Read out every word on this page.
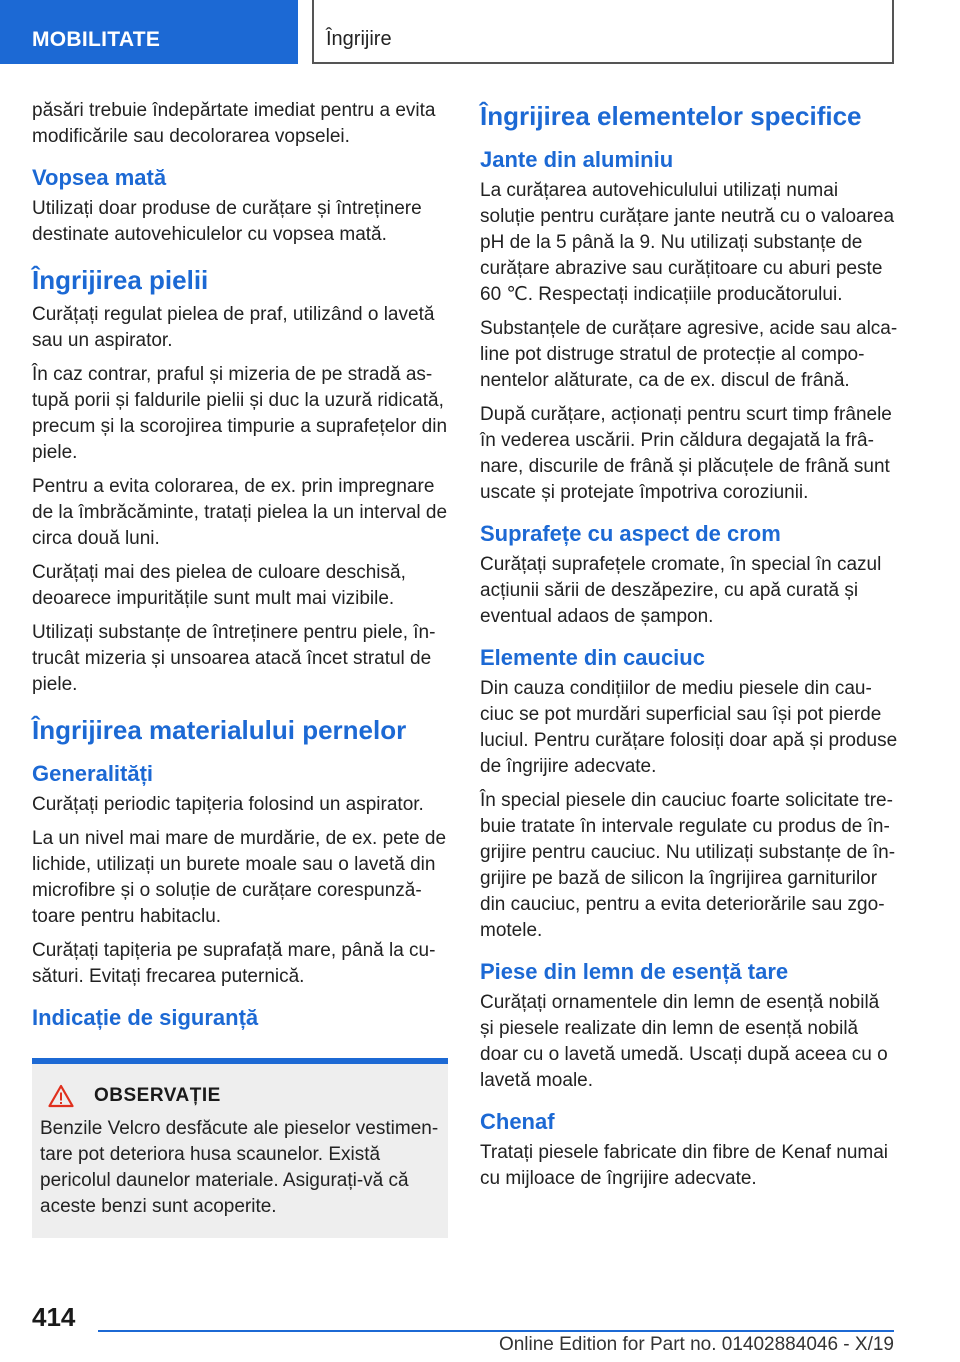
MOBILITATE	Îngrijire

păsări trebuie îndepărtate imediat pentru a evita modificările sau decolorarea vopselei.

Vopsea mată

Utilizați doar produse de curățare și întreținere destinate autovehiculelor cu vopsea mată.

Îngrijirea pielii

Curățați regulat pielea de praf, utilizând o lavetă sau un aspirator.

În caz contrar, praful și mizeria de pe stradă astupă porii și faldurile pielii și duc la uzură ridicată, precum și la scorojirea timpurie a suprafețelor din piele.

Pentru a evita colorarea, de ex. prin impregnare de la îmbrăcăminte, tratați pielea la un interval de circa două luni.

Curățați mai des pielea de culoare deschisă, deoarece impuritățile sunt mult mai vizibile.

Utilizați substanțe de întreținere pentru piele, întrucât mizeria și unsoarea atacă încet stratul de piele.

Îngrijirea materialului pernelor
Generalități

Curățați periodic tapițeria folosind un aspirator.

La un nivel mai mare de murdărie, de ex. pete de lichide, utilizați un burete moale sau o lavetă din microfibre și o soluție de curățare corespunzătoare pentru habitaclu.

Curățați tapițeria pe suprafață mare, până la cusături. Evitați frecarea puternică.

Indicație de siguranță
OBSERVAȚIE

Benzile Velcro desfăcute ale pieselor vestimentare pot deteriora husa scaunelor. Există pericolul daunelor materiale. Asigurați-vă că aceste benzi sunt acoperite.

Îngrijirea elementelor specifice
Jante din aluminiu

La curățarea autovehiculului utilizați numai soluție pentru curățare jante neutră cu o valoarea pH de la 5 până la 9. Nu utilizați substanțe de curățare abrazive sau curățitoare cu aburi peste 60 ℃. Respectați indicațiile producătorului.

Substanțele de curățare agresive, acide sau alcaline pot distruge stratul de protecție al componentelor alăturate, ca de ex. discul de frână.

După curățare, acționați pentru scurt timp frânele în vederea uscării. Prin căldura degajată la frânare, discurile de frână și plăcuțele de frână sunt uscate și protejate împotriva coroziunii.

Suprafețe cu aspect de crom

Curățați suprafețele cromate, în special în cazul acțiunii sării de deszăpezire, cu apă curată și eventual adaos de șampon.

Elemente din cauciuc

Din cauza condițiilor de mediu piesele din cauciuc se pot murdări superficial sau își pot pierde luciul. Pentru curățare folosiți doar apă și produse de îngrijire adecvate.

În special piesele din cauciuc foarte solicitate trebuie tratate în intervale regulate cu produs de îngrijire pentru cauciuc. Nu utilizați substanțe de îngrijire pe bază de silicon la îngrijirea garniturilor din cauciuc, pentru a evita deteriorările sau zgomotele.

Piese din lemn de esență tare

Curățați ornamentele din lemn de esență nobilă și piesele realizate din lemn de esență nobilă doar cu o lavetă umedă. Uscați după aceea cu o lavetă moale.

Chenaf

Tratați piesele fabricate din fibre de Kenaf numai cu mijloace de îngrijire adecvate.

414
Online Edition for Part no. 01402884046 - X/19
